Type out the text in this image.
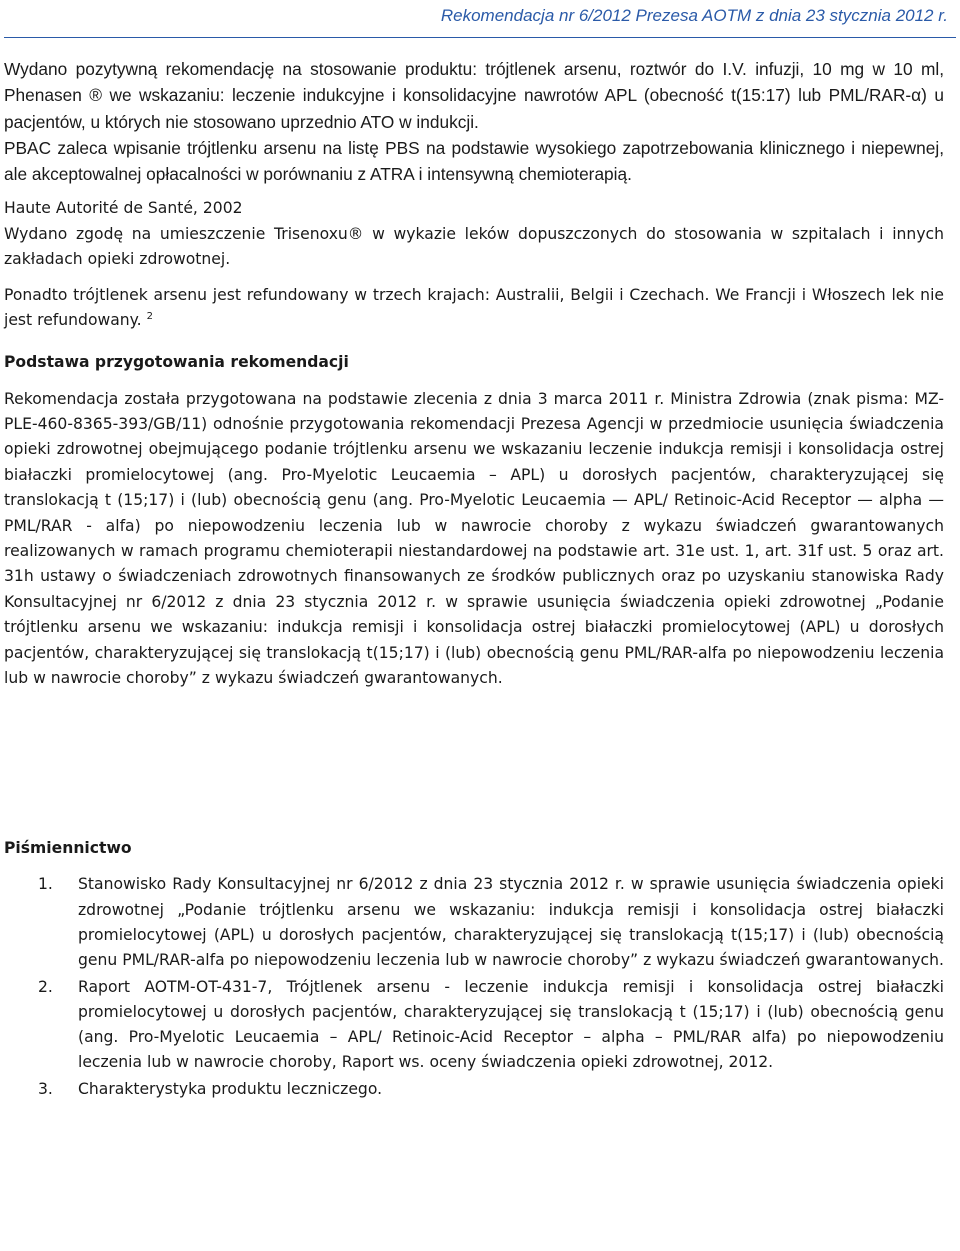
Rekomendacja nr 6/2012 Prezesa AOTM z dnia 23 stycznia 2012 r.

Wydano pozytywną rekomendację na stosowanie produktu: trójtlenek arsenu, roztwór do I.V. infuzji, 10 mg w 10 ml, Phenasen ® we wskazaniu: leczenie indukcyjne i konsolidacyjne nawrotów APL (obecność t(15:17) lub PML/RAR-α) u pacjentów, u których nie stosowano uprzednio ATO w indukcji.

PBAC zaleca wpisanie trójtlenku arsenu na listę PBS na podstawie wysokiego zapotrzebowania klinicznego i niepewnej, ale akceptowalnej opłacalności w porównaniu z ATRA i intensywną chemioterapią.

Haute Autorité de Santé, 2002

Wydano zgodę na umieszczenie Trisenoxu® w wykazie leków dopuszczonych do stosowania w szpitalach i innych zakładach opieki zdrowotnej.

Ponadto trójtlenek arsenu jest refundowany w trzech krajach: Australii, Belgii i Czechach. We Francji i Włoszech lek nie jest refundowany. $^2$

Podstawa przygotowania rekomendacji

Rekomendacja została przygotowana na podstawie zlecenia z dnia 3 marca 2011 r. Ministra Zdrowia (znak pisma: MZ-PLE-460-8365-393/GB/11) odnośnie przygotowania rekomendacji Prezesa Agencji w przedmiocie usunięcia świadczenia opieki zdrowotnej obejmującego podanie trójtlenku arsenu we wskazaniu leczenie indukcja remisji i konsolidacja ostrej białaczki promielocytowej (ang. Pro-Myelotic Leucaemia – APL) u dorosłych pacjentów, charakteryzującej się translokacją t (15;17) i (lub) obecnością genu (ang. Pro-Myelotic Leucaemia — APL/ Retinoic-Acid Receptor — alpha — PML/RAR - alfa) po niepowodzeniu leczenia lub w nawrocie choroby z wykazu świadczeń gwarantowanych realizowanych w ramach programu chemioterapii niestandardowej na podstawie art. 31e ust. 1, art. 31f ust. 5 oraz art. 31h ustawy o świadczeniach zdrowotnych finansowanych ze środków publicznych oraz po uzyskaniu stanowiska Rady Konsultacyjnej nr 6/2012 z dnia 23 stycznia 2012 r. w sprawie usunięcia świadczenia opieki zdrowotnej „Podanie trójtlenku arsenu we wskazaniu: indukcja remisji i konsolidacja ostrej białaczki promielocytowej (APL) u dorosłych pacjentów, charakteryzującej się translokacją t(15;17) i (lub) obecnością genu PML/RAR-alfa po niepowodzeniu leczenia lub w nawrocie choroby” z wykazu świadczeń gwarantowanych.

Piśmiennictwo

1.	Stanowisko Rady Konsultacyjnej nr 6/2012 z dnia 23 stycznia 2012 r. w sprawie usunięcia świadczenia opieki zdrowotnej „Podanie trójtlenku arsenu we wskazaniu: indukcja remisji i konsolidacja ostrej białaczki promielocytowej (APL) u dorosłych pacjentów, charakteryzującej się translokacją t(15;17) i (lub) obecnością genu PML/RAR-alfa po niepowodzeniu leczenia lub w nawrocie choroby” z wykazu świadczeń gwarantowanych.
2.	Raport AOTM-OT-431-7, Trójtlenek arsenu - leczenie indukcja remisji i konsolidacja ostrej białaczki promielocytowej u dorosłych pacjentów, charakteryzującej się translokacją t (15;17) i (lub) obecnością genu (ang. Pro-Myelotic Leucaemia – APL/ Retinoic-Acid Receptor – alpha – PML/RAR alfa) po niepowodzeniu leczenia lub w nawrocie choroby, Raport ws. oceny świadczenia opieki zdrowotnej, 2012.
3.	Charakterystyka produktu leczniczego.
